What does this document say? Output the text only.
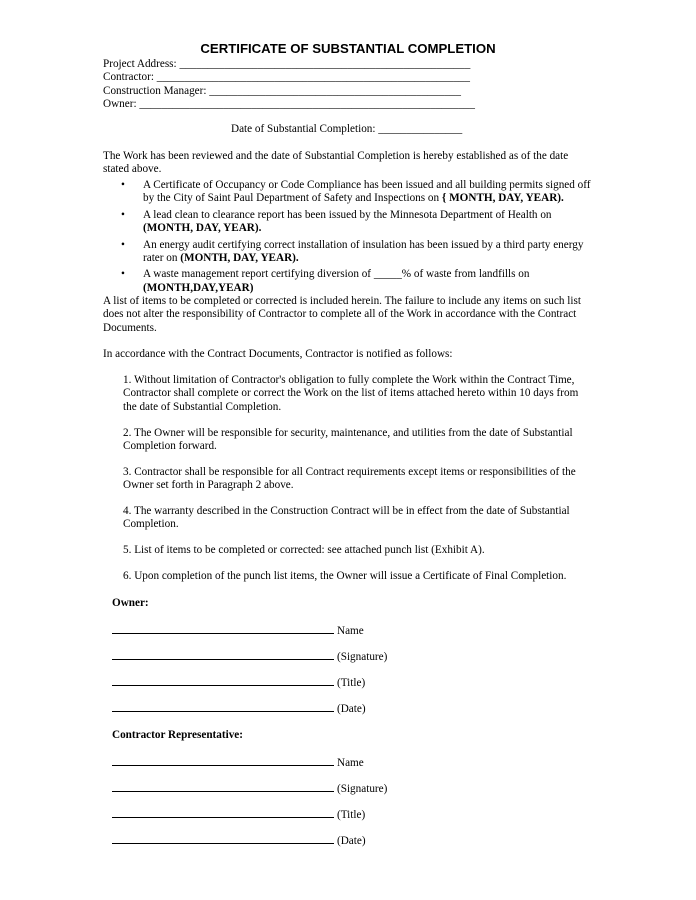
CERTIFICATE OF SUBSTANTIAL COMPLETION
Project Address: ____________________________________________________
Contractor: ________________________________________________________
Construction Manager: _____________________________________________
Owner: ____________________________________________________________
Date of Substantial Completion: _______________
The Work has been reviewed and the date of Substantial Completion is hereby established as of the date stated above.
• A Certificate of Occupancy or Code Compliance has been issued and all building permits signed off by the City of Saint Paul Department of Safety and Inspections on { MONTH, DAY, YEAR).
• A lead clean to clearance report has been issued by the Minnesota Department of Health on (MONTH, DAY, YEAR).
• An energy audit certifying correct installation of insulation has been issued by a third party energy rater on (MONTH, DAY, YEAR).
• A waste management report certifying diversion of _____% of waste from landfills on (MONTH,DAY,YEAR)
A list of items to be completed or corrected is included herein. The failure to include any items on such list does not alter the responsibility of Contractor to complete all of the Work in accordance with the Contract Documents.
In accordance with the Contract Documents, Contractor is notified as follows:
1. Without limitation of Contractor's obligation to fully complete the Work within the Contract Time, Contractor shall complete or correct the Work on the list of items attached hereto within 10 days from the date of Substantial Completion.
2. The Owner will be responsible for security, maintenance, and utilities from the date of Substantial Completion forward.
3. Contractor shall be responsible for all Contract requirements except items or responsibilities of the Owner set forth in Paragraph 2 above.
4. The warranty described in the Construction Contract will be in effect from the date of Substantial Completion.
5. List of items to be completed or corrected: see attached punch list (Exhibit A).
6. Upon completion of the punch list items, the Owner will issue a Certificate of Final Completion.
Owner:
Name
(Signature)
(Title)
(Date)
Contractor Representative:
Name
(Signature)
(Title)
(Date)
